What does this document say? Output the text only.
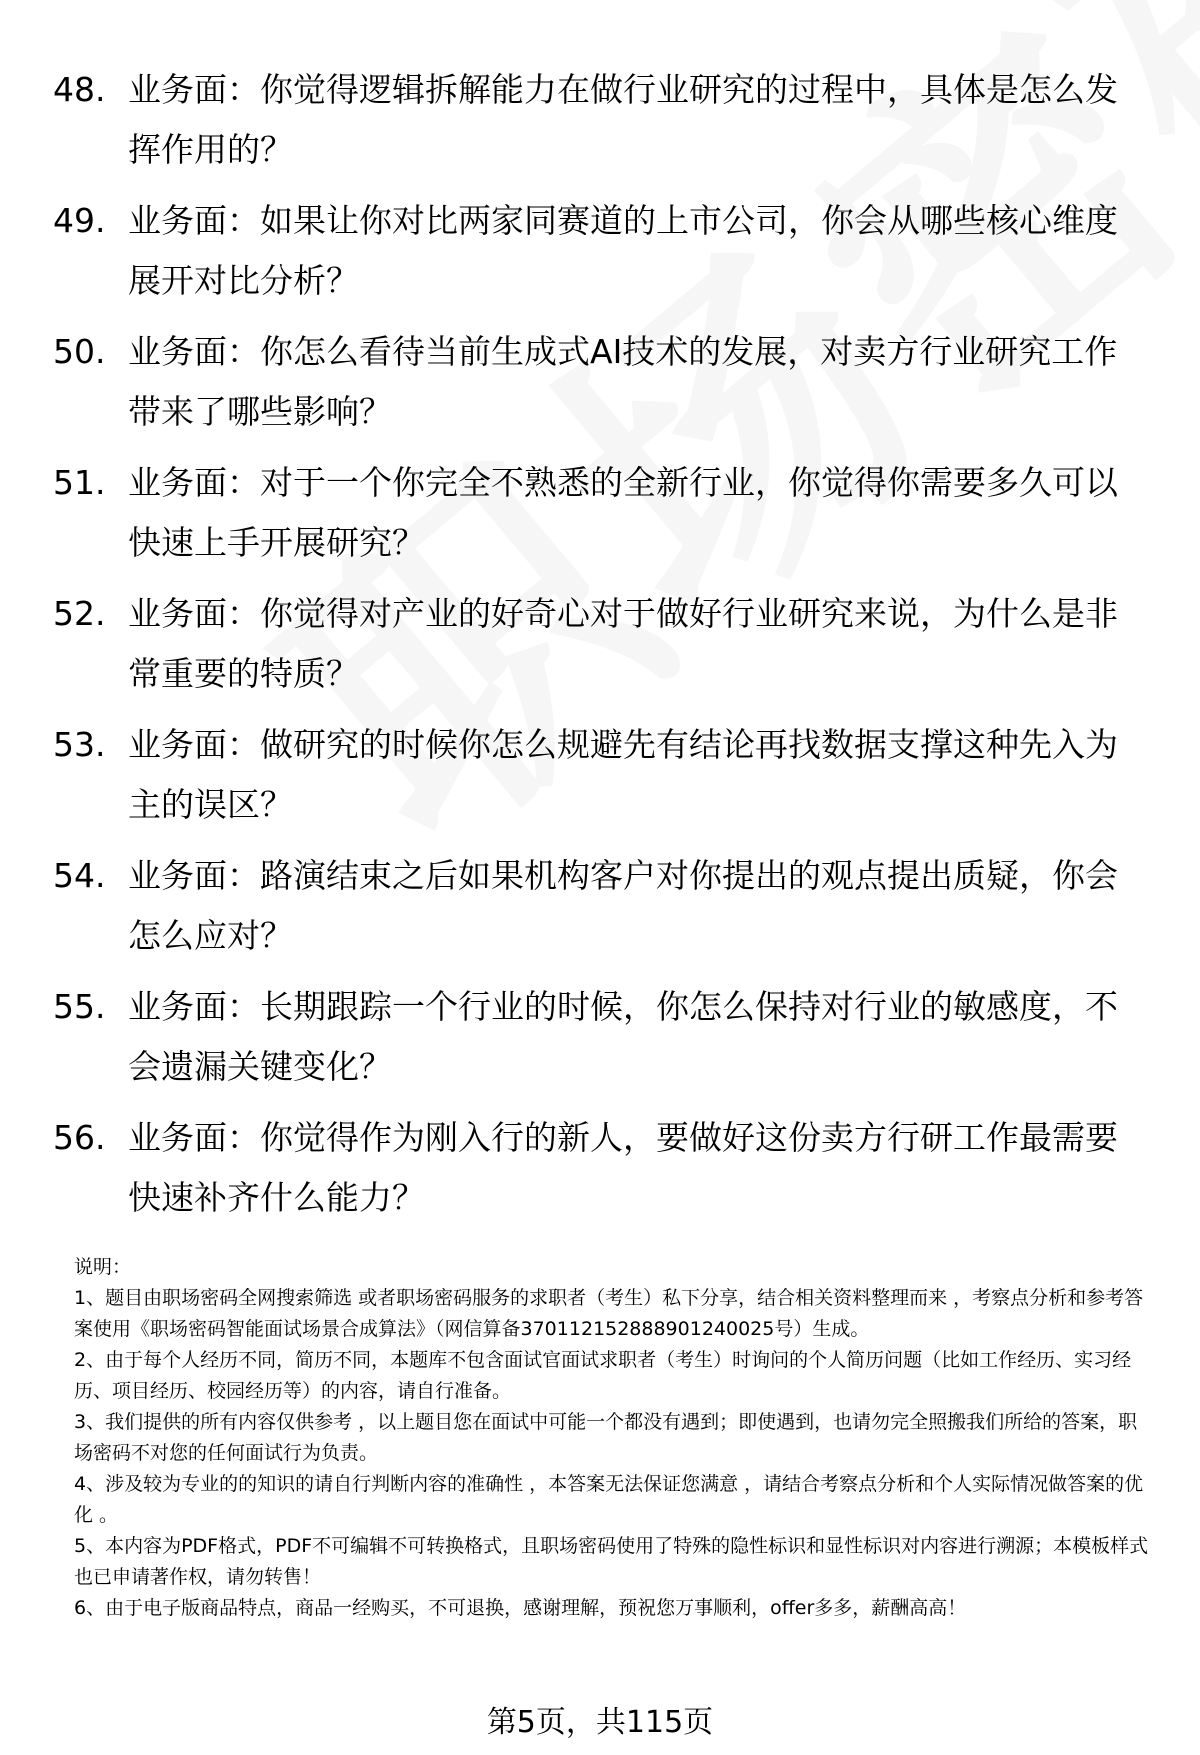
48. 业务面：你觉得逻辑拆解能力在做行业研究的过程中，具体是怎么发挥作用的？
49. 业务面：如果让你对比两家同赛道的上市公司，你会从哪些核心维度展开对比分析？
50. 业务面：你怎么看待当前生成式AI技术的发展，对卖方行业研究工作带来了哪些影响？
51. 业务面：对于一个你完全不熟悉的全新行业，你觉得你需要多久可以快速上手开展研究？
52. 业务面：你觉得对产业的好奇心对于做好行业研究来说，为什么是非常重要的特质？
53. 业务面：做研究的时候你怎么规避先有结论再找数据支撑这种先入为主的误区？
54. 业务面：路演结束之后如果机构客户对你提出的观点提出质疑，你会怎么应对？
55. 业务面：长期跟踪一个行业的时候，你怎么保持对行业的敏感度，不会遗漏关键变化？
56. 业务面：你觉得作为刚入行的新人，要做好这份卖方行研工作最需要快速补齐什么能力？

说明：

1、题目由职场密码全网搜索筛选 或者职场密码服务的求职者（考生）私下分享，结合相关资料整理而来 ，考察点分析和参考答案使用《职场密码智能面试场景合成算法》（网信算备370112152888901240025号）生成。

2、由于每个人经历不同，简历不同，本题库不包含面试官面试求职者（考生）时询问的个人简历问题（比如工作经历、实习经历、项目经历、校园经历等）的内容，请自行准备。

3、我们提供的所有内容仅供参考 ，以上题目您在面试中可能一个都没有遇到；即使遇到，也请勿完全照搬我们所给的答案，职场密码不对您的任何面试行为负责。

4、涉及较为专业的的知识的请自行判断内容的准确性 ，本答案无法保证您满意 ，请结合考察点分析和个人实际情况做答案的优化 。

5、本内容为PDF格式，PDF不可编辑不可转换格式，且职场密码使用了特殊的隐性标识和显性标识对内容进行溯源；本模板样式也已申请著作权，请勿转售！

6、由于电子版商品特点，商品一经购买，不可退换，感谢理解，预祝您万事顺利，offer多多，薪酬高高！

第5页，共115页
